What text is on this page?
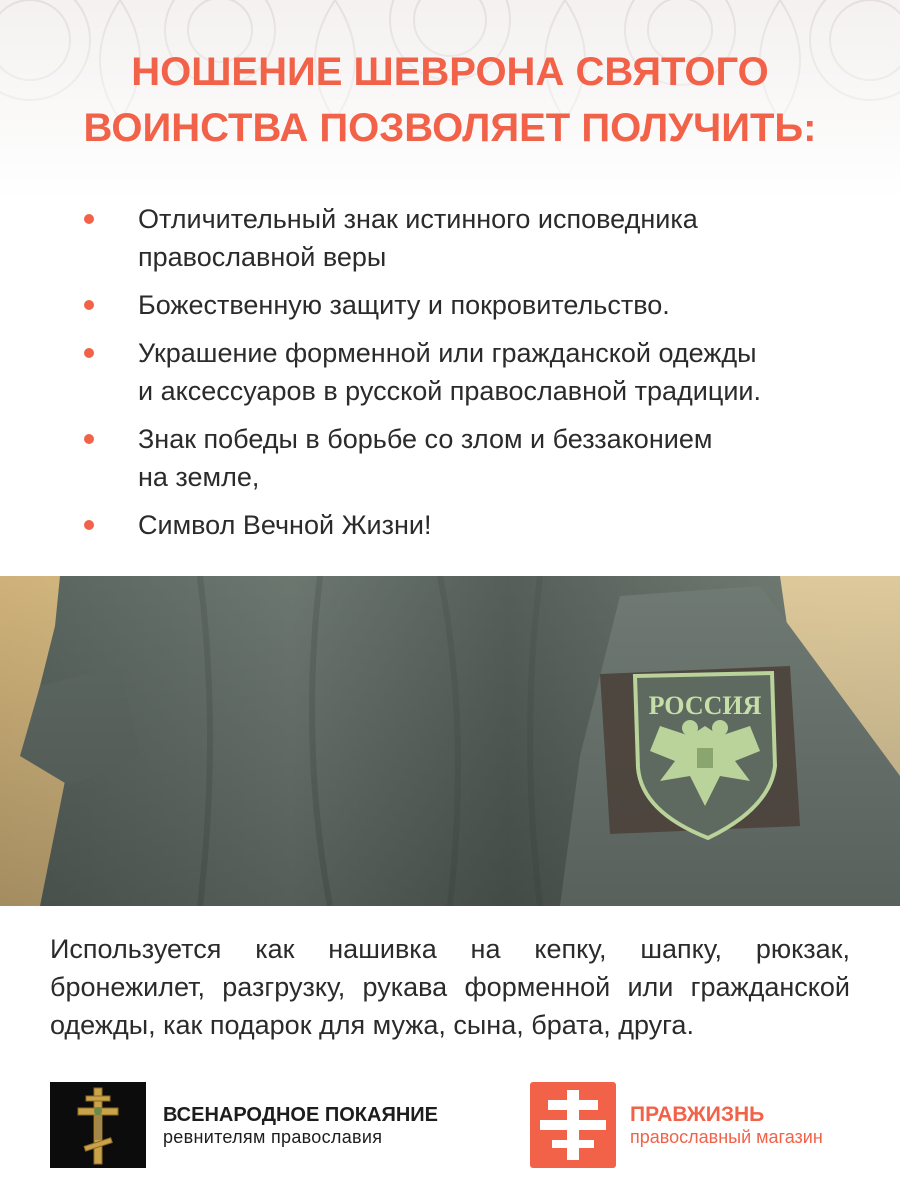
НОШЕНИЕ ШЕВРОНА СВЯТОГО
ВОИНСТВА ПОЗВОЛЯЕТ ПОЛУЧИТЬ:
Отличительный знак истинного исповедника
православной веры
Божественную защиту и покровительство.
Украшение форменной или гражданской одежды
и аксессуаров в русской православной традиции.
Знак победы в борьбе со злом и беззаконием
на земле,
Символ Вечной Жизни!
РОССИЯ

Используется как нашивка на кепку, шапку, рюкзак,
бронежилет, разгрузку, рукава форменной или гражданской
одежды, как подарок для мужа, сына, брата, друга.

ВСЕНАРОДНОЕ ПОКАЯНИЕ
ревнителям православия
ПРАВЖИЗНЬ
православный магазин
